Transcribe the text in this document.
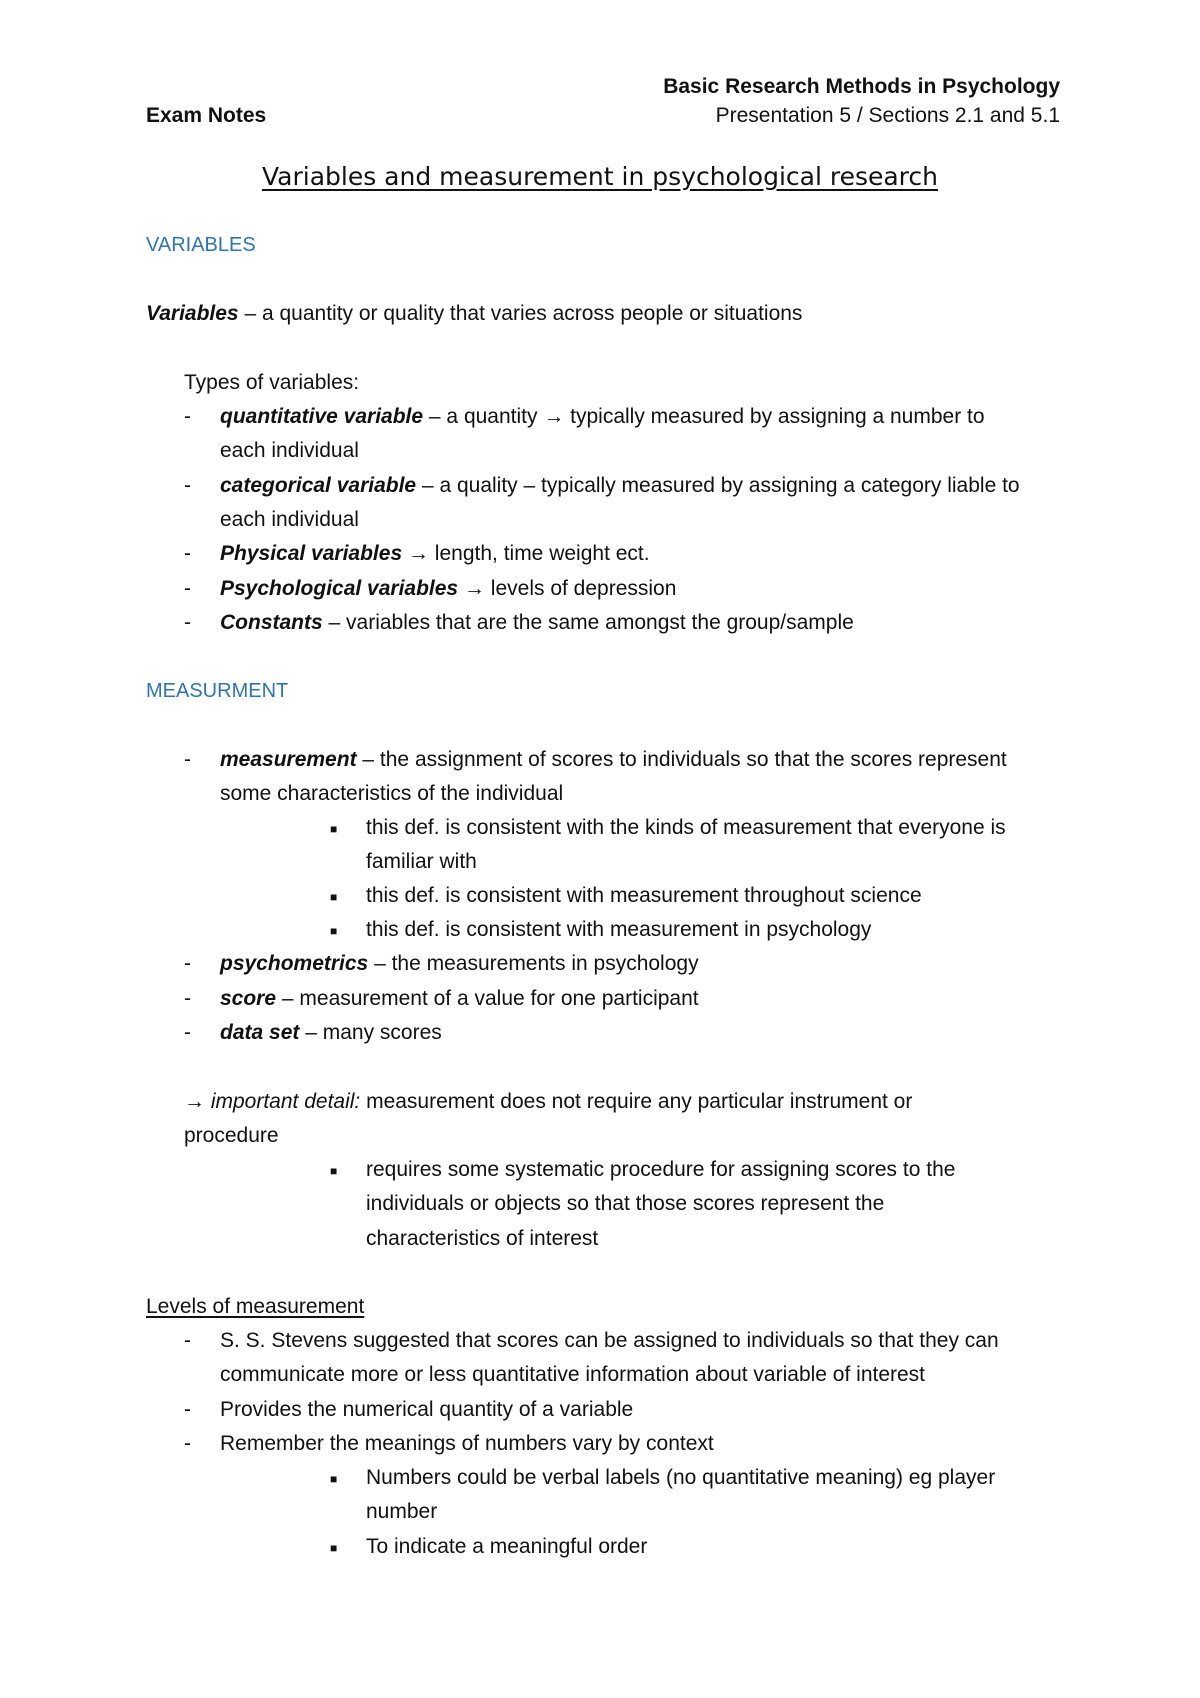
Exam Notes
Basic Research Methods in Psychology
Presentation 5 / Sections 2.1 and 5.1
Variables and measurement in psychological research
VARIABLES
Variables – a quantity or quality that varies across people or situations
Types of variables:
- quantitative variable – a quantity → typically measured by assigning a number to
each individual
- categorical variable – a quality – typically measured by assigning a category liable to
each individual
- Physical variables → length, time weight ect.
- Psychological variables → levels of depression
- Constants – variables that are the same amongst the group/sample
MEASURMENT
- measurement – the assignment of scores to individuals so that the scores represent
some characteristics of the individual
■ this def. is consistent with the kinds of measurement that everyone is
familiar with
■ this def. is consistent with measurement throughout science
■ this def. is consistent with measurement in psychology
- psychometrics – the measurements in psychology
- score – measurement of a value for one participant
- data set – many scores
→ important detail: measurement does not require any particular instrument or
procedure
■ requires some systematic procedure for assigning scores to the
individuals or objects so that those scores represent the
characteristics of interest
Levels of measurement
- S. S. Stevens suggested that scores can be assigned to individuals so that they can
communicate more or less quantitative information about variable of interest
- Provides the numerical quantity of a variable
- Remember the meanings of numbers vary by context
■ Numbers could be verbal labels (no quantitative meaning) eg player
number
■ To indicate a meaningful order
